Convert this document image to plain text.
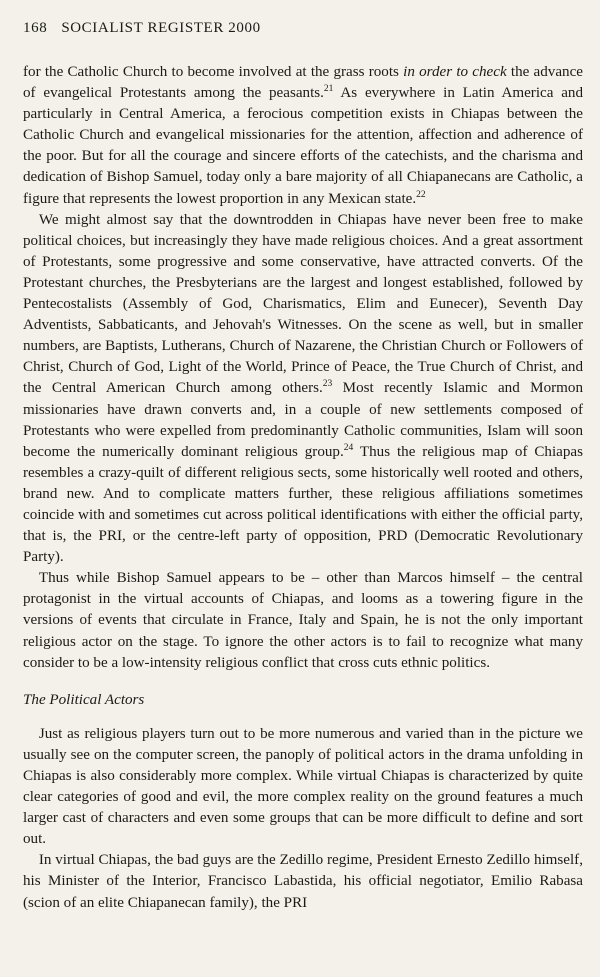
168 SOCIALIST REGISTER 2000

for the Catholic Church to become involved at the grass roots in order to check the advance of evangelical Protestants among the peasants.$^{21}$ As everywhere in Latin America and particularly in Central America, a ferocious competition exists in Chiapas between the Catholic Church and evangelical missionaries for the attention, affection and adherence of the poor. But for all the courage and sincere efforts of the catechists, and the charisma and dedication of Bishop Samuel, today only a bare majority of all Chiapanecans are Catholic, a figure that represents the lowest proportion in any Mexican state.$^{22}$

We might almost say that the downtrodden in Chiapas have never been free to make political choices, but increasingly they have made religious choices. And a great assortment of Protestants, some progressive and some conservative, have attracted converts. Of the Protestant churches, the Presbyterians are the largest and longest established, followed by Pentecostalists (Assembly of God, Charismatics, Elim and Eunecer), Seventh Day Adventists, Sabbaticants, and Jehovah's Witnesses. On the scene as well, but in smaller numbers, are Baptists, Lutherans, Church of Nazarene, the Christian Church or Followers of Christ, Church of God, Light of the World, Prince of Peace, the True Church of Christ, and the Central American Church among others.$^{23}$ Most recently Islamic and Mormon missionaries have drawn converts and, in a couple of new settlements composed of Protestants who were expelled from predominantly Catholic communities, Islam will soon become the numerically dominant religious group.$^{24}$ Thus the religious map of Chiapas resembles a crazy-quilt of different religious sects, some historically well rooted and others, brand new. And to complicate matters further, these religious affiliations sometimes coincide with and sometimes cut across political identifications with either the official party, that is, the PRI, or the centre-left party of opposition, PRD (Democratic Revolutionary Party).

Thus while Bishop Samuel appears to be – other than Marcos himself – the central protagonist in the virtual accounts of Chiapas, and looms as a towering figure in the versions of events that circulate in France, Italy and Spain, he is not the only important religious actor on the stage. To ignore the other actors is to fail to recognize what many consider to be a low-intensity religious conflict that cross cuts ethnic politics.

The Political Actors

Just as religious players turn out to be more numerous and varied than in the picture we usually see on the computer screen, the panoply of political actors in the drama unfolding in Chiapas is also considerably more complex. While virtual Chiapas is characterized by quite clear categories of good and evil, the more complex reality on the ground features a much larger cast of characters and even some groups that can be more difficult to define and sort out.

In virtual Chiapas, the bad guys are the Zedillo regime, President Ernesto Zedillo himself, his Minister of the Interior, Francisco Labastida, his official negotiator, Emilio Rabasa (scion of an elite Chiapanecan family), the PRI
